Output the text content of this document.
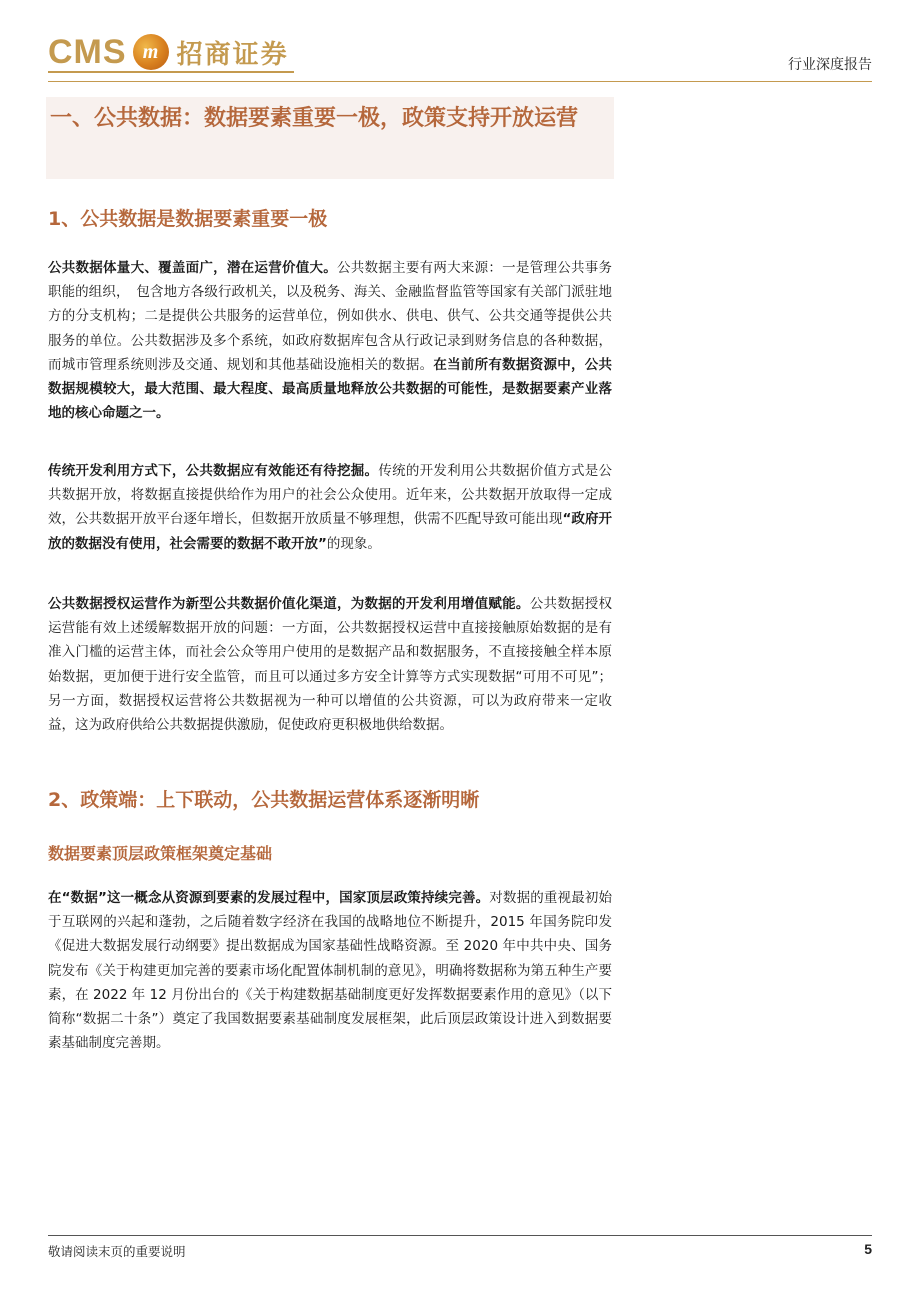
CMS m 招商证券	行业深度报告
一、公共数据：数据要素重要一极，政策支持开放运营
1、公共数据是数据要素重要一极
公共数据体量大、覆盖面广，潜在运营价值大。公共数据主要有两大来源：一是管理公共事务职能的组织，　包含地方各级行政机关，以及税务、海关、金融监督监管等国家有关部门派驻地方的分支机构；二是提供公共服务的运营单位，例如供水、供电、供气、公共交通等提供公共服务的单位。公共数据涉及多个系统，如政府数据库包含从行政记录到财务信息的各种数据，而城市管理系统则涉及交通、规划和其他基础设施相关的数据。在当前所有数据资源中，公共数据规模较大，最大范围、最大程度、最高质量地释放公共数据的可能性，是数据要素产业落地的核心命题之一。
传统开发利用方式下，公共数据应有效能还有待挖掘。传统的开发利用公共数据价值方式是公共数据开放，将数据直接提供给作为用户的社会公众使用。近年来，公共数据开放取得一定成效，公共数据开放平台逐年增长，但数据开放质量不够理想，供需不匹配导致可能出现“政府开放的数据没有使用，社会需要的数据不敢开放”的现象。
公共数据授权运营作为新型公共数据价值化渠道，为数据的开发利用增值赋能。公共数据授权运营能有效上述缓解数据开放的问题：一方面，公共数据授权运营中直接接触原始数据的是有准入门槛的运营主体，而社会公众等用户使用的是数据产品和数据服务，不直接接触全样本原始数据，更加便于进行安全监管，而且可以通过多方安全计算等方式实现数据“可用不可见”；另一方面，数据授权运营将公共数据视为一种可以增值的公共资源，可以为政府带来一定收益，这为政府供给公共数据提供激励，促使政府更积极地供给数据。
2、政策端：上下联动，公共数据运营体系逐渐明晰
数据要素顶层政策框架奠定基础
在“数据”这一概念从资源到要素的发展过程中，国家顶层政策持续完善。对数据的重视最初始于互联网的兴起和蓬勃，之后随着数字经济在我国的战略地位不断提升，2015 年国务院印发《促进大数据发展行动纲要》提出数据成为国家基础性战略资源。至 2020 年中共中央、国务院发布《关于构建更加完善的要素市场化配置体制机制的意见》，明确将数据称为第五种生产要素，在 2022 年 12 月份出台的《关于构建数据基础制度更好发挥数据要素作用的意见》（以下简称“数据二十条”）奠定了我国数据要素基础制度发展框架，此后顶层政策设计进入到数据要素基础制度完善期。
敬请阅读末页的重要说明	5
